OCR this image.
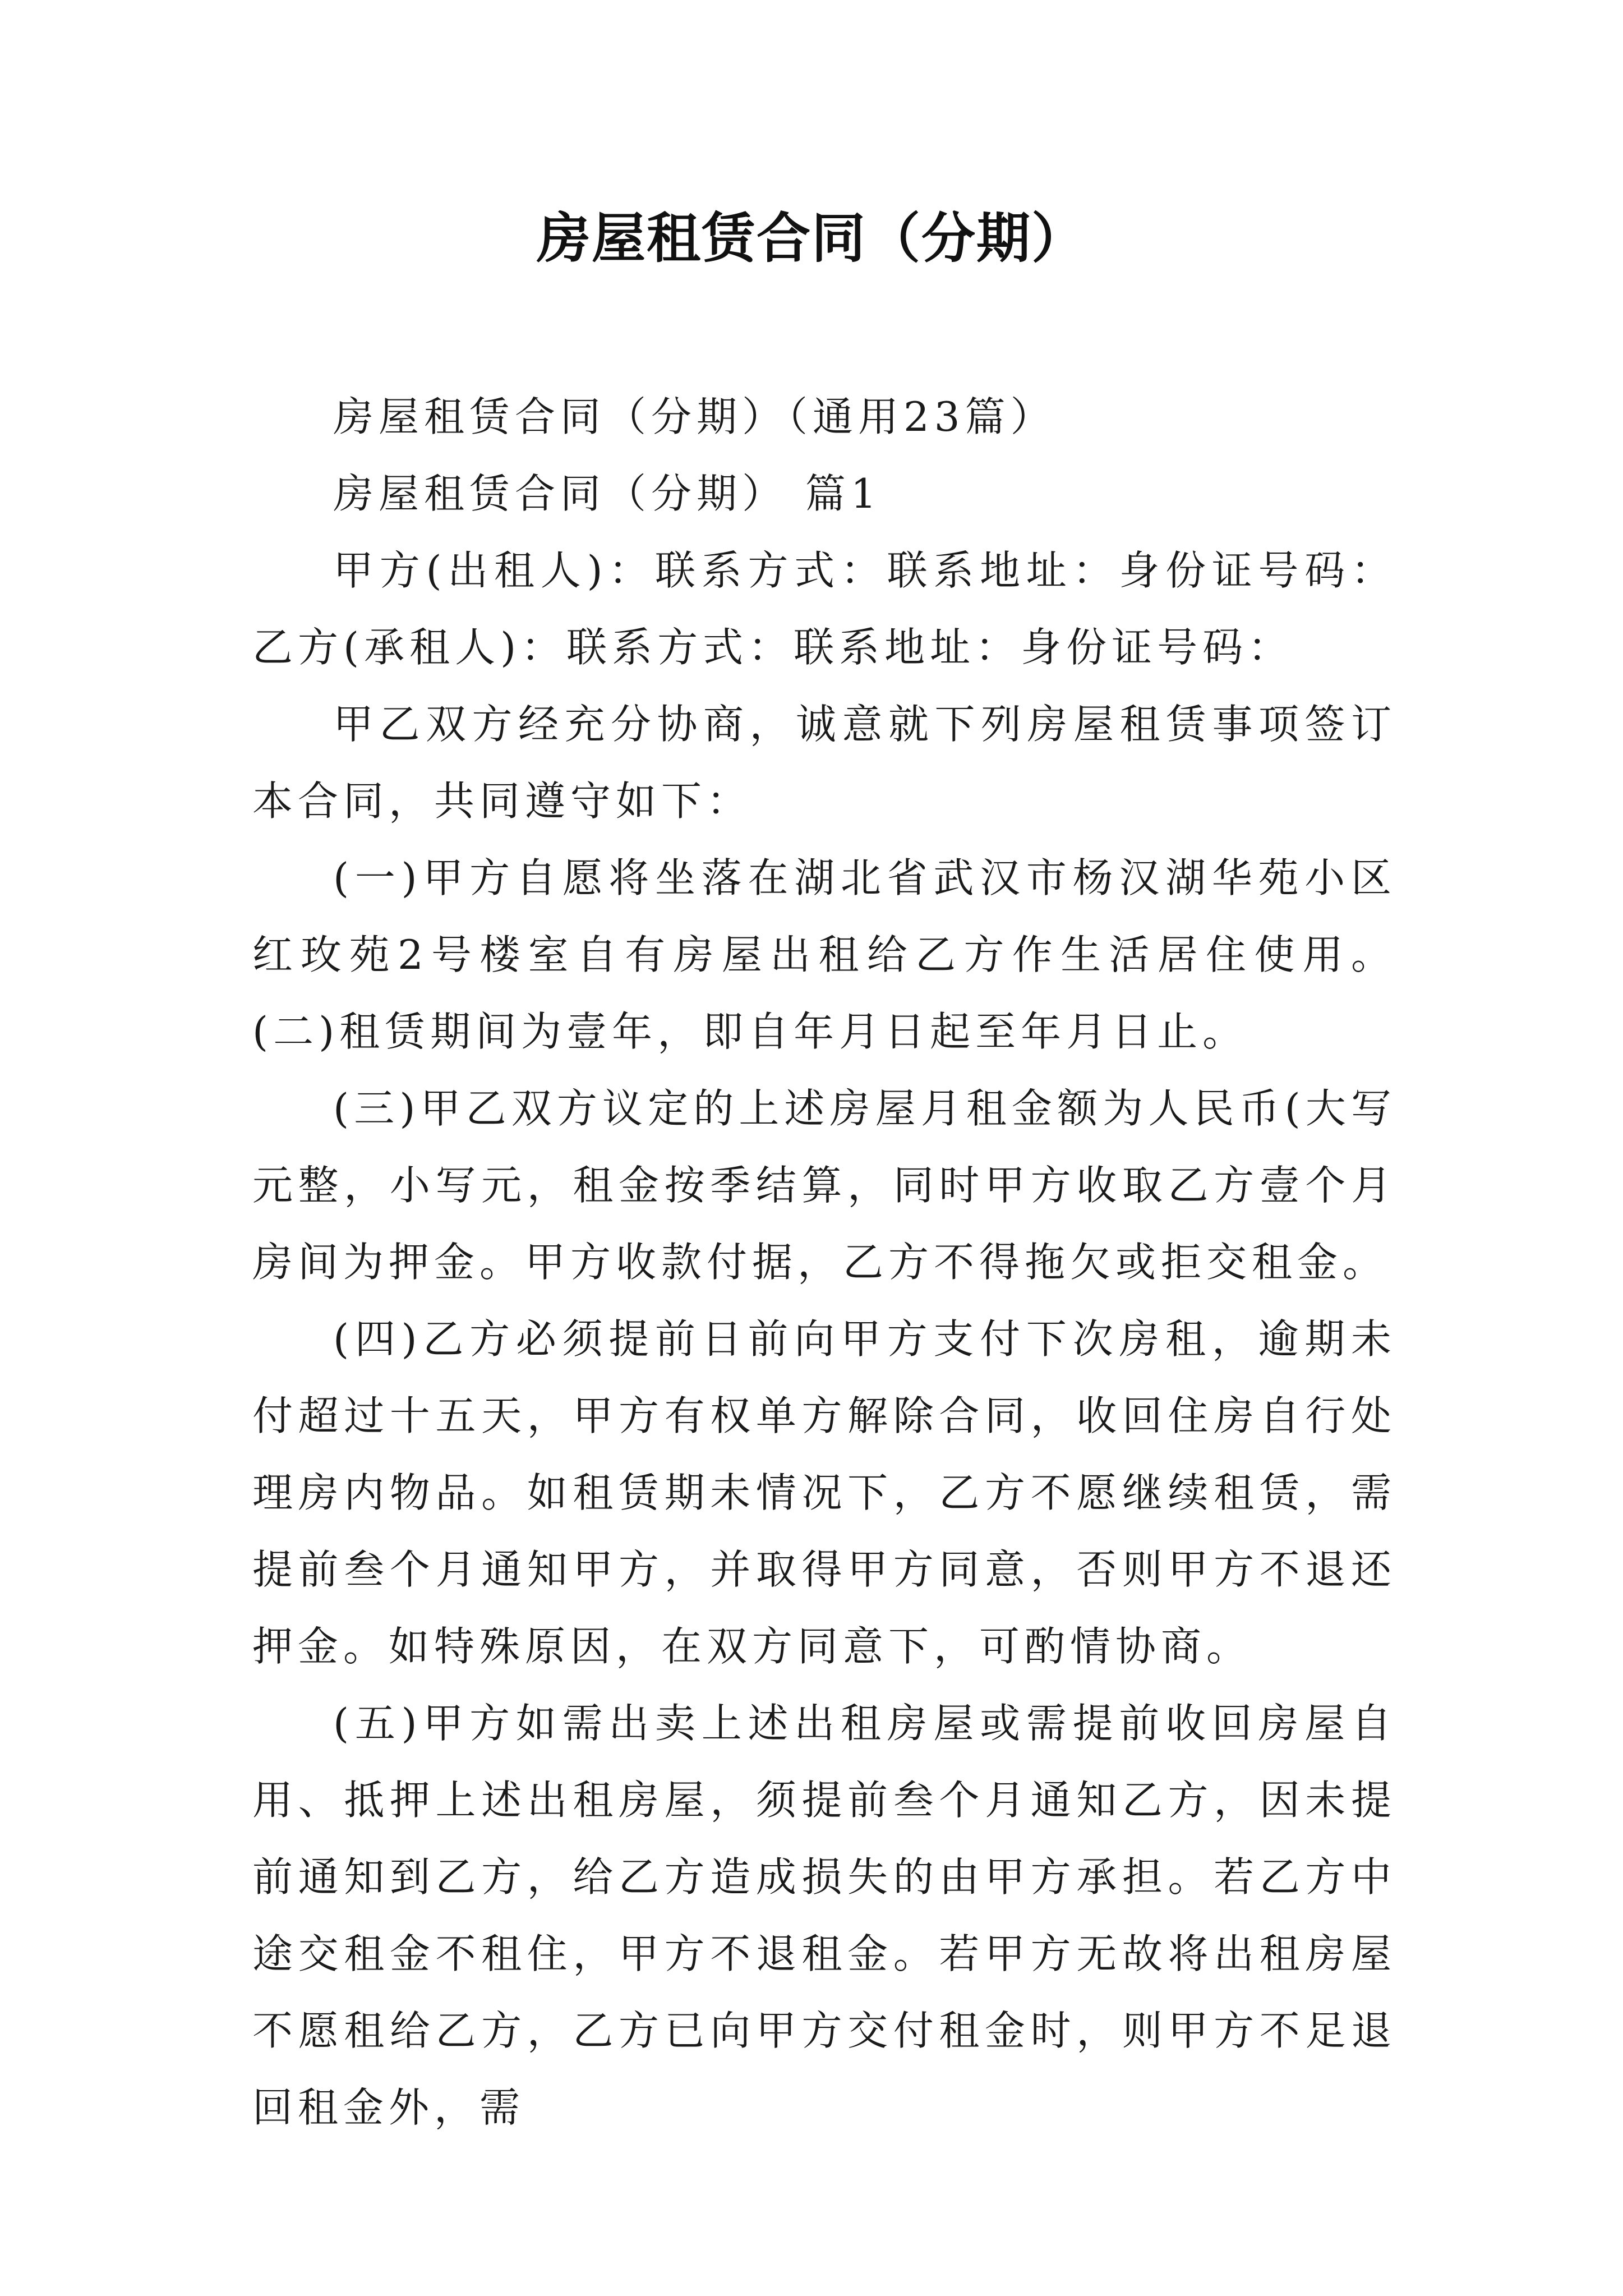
房屋租赁合同（分期）

房屋租赁合同（分期）（通用23篇）

房屋租赁合同（分期） 篇1

甲方(出租人)：联系方式：联系地址：身份证号码：乙方(承租人)：联系方式：联系地址：身份证号码：

甲乙双方经充分协商，诚意就下列房屋租赁事项签订本合同，共同遵守如下：

(一)甲方自愿将坐落在湖北省武汉市杨汉湖华苑小区红玫苑2号楼室自有房屋出租给乙方作生活居住使用。(二)租赁期间为壹年，即自年月日起至年月日止。

(三)甲乙双方议定的上述房屋月租金额为人民币(大写元整，小写元，租金按季结算，同时甲方收取乙方壹个月房间为押金。甲方收款付据，乙方不得拖欠或拒交租金。

(四)乙方必须提前日前向甲方支付下次房租，逾期未付超过十五天，甲方有权单方解除合同，收回住房自行处理房内物品。如租赁期未情况下，乙方不愿继续租赁，需提前叁个月通知甲方，并取得甲方同意，否则甲方不退还押金。如特殊原因，在双方同意下，可酌情协商。

(五)甲方如需出卖上述出租房屋或需提前收回房屋自用、抵押上述出租房屋，须提前叁个月通知乙方，因未提前通知到乙方，给乙方造成损失的由甲方承担。若乙方中途交租金不租住，甲方不退租金。若甲方无故将出租房屋不愿租给乙方，乙方已向甲方交付租金时，则甲方不足退回租金外，需
